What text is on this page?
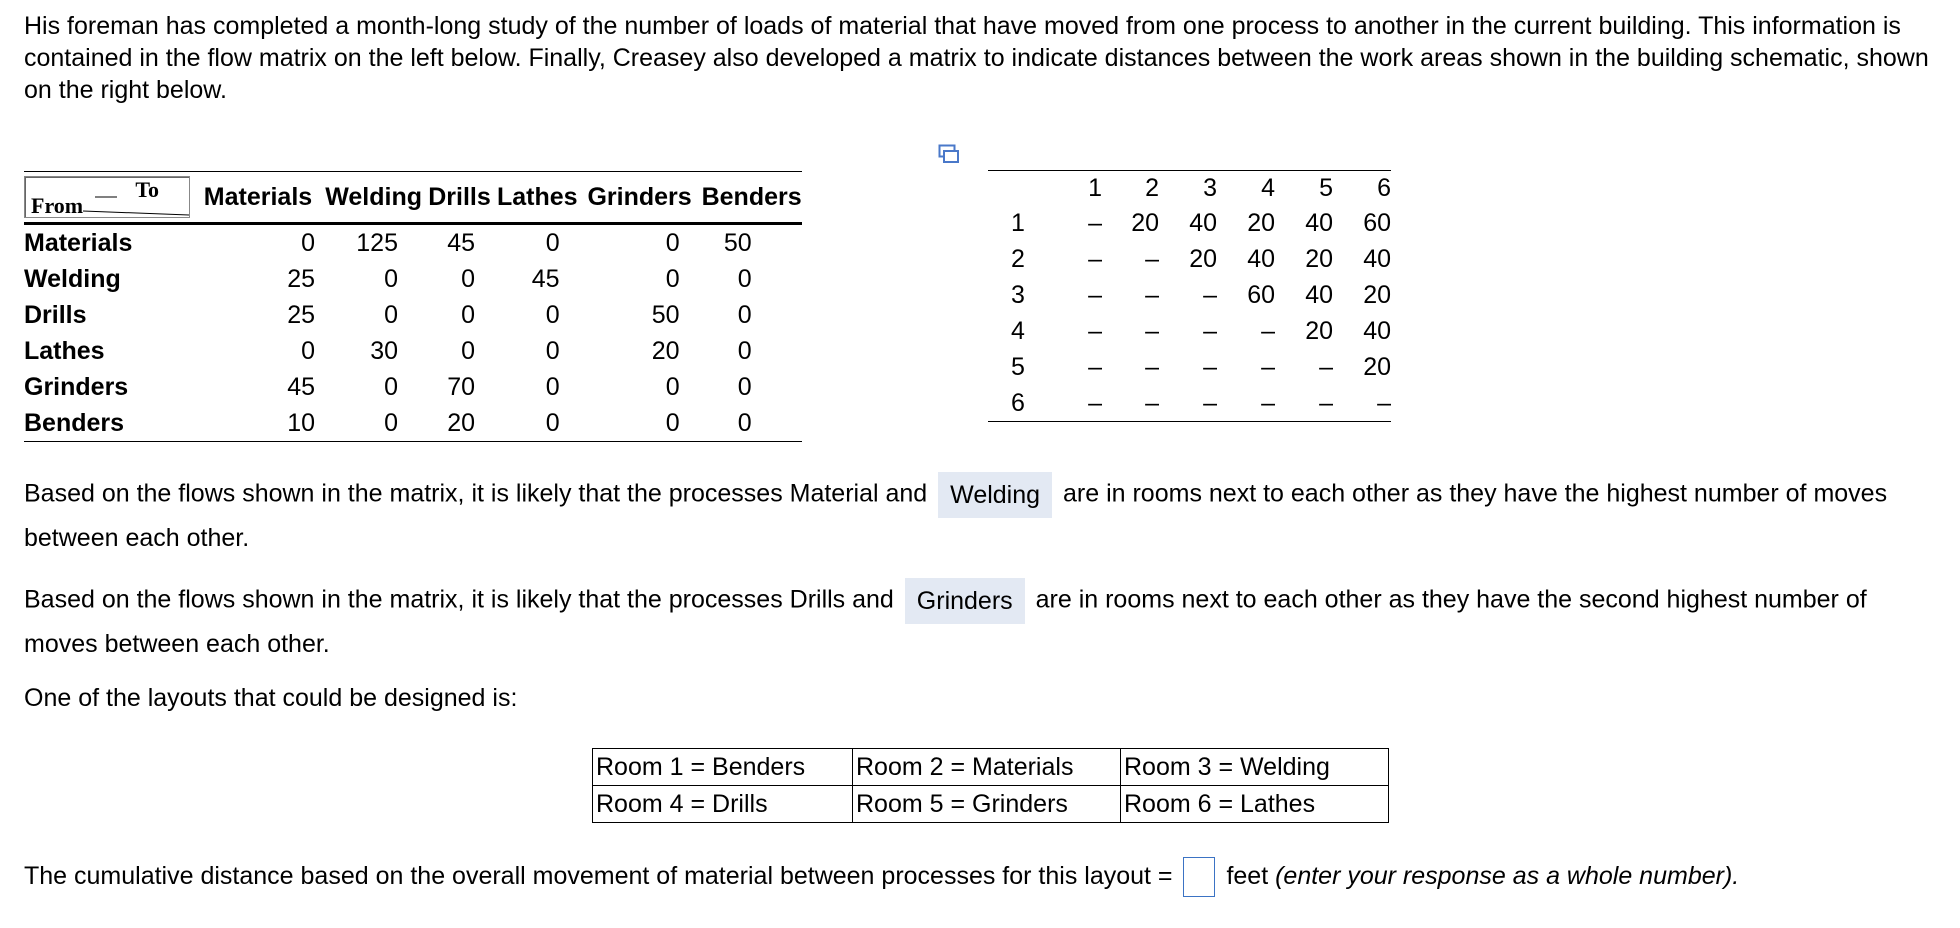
His foreman has completed a month-long study of the number of loads of material that have moved from one process to another in the current building. This information is contained in the flow matrix on the left below. Finally, Creasey also developed a matrix to indicate distances between the work areas shown in the building schematic, shown on the right below.
From
To	Materials	Welding	Drills	Lathes	Grinders	Benders
Materials	0	125	45	0	0	50
Welding	25	0	0	45	0	0
Drills	25	0	0	0	50	0
Lathes	0	30	0	0	20	0
Grinders	45	0	70	0	0	0
Benders	10	0	20	0	0	0
	1	2	3	4	5	6
1	–	20	40	20	40	60
2	–	–	20	40	20	40
3	–	–	–	60	40	20
4	–	–	–	–	20	40
5	–	–	–	–	–	20
6	–	–	–	–	–	–
Based on the flows shown in the matrix, it is likely that the processes Material and Welding are in rooms next to each other as they have the highest number of moves between each other.
Based on the flows shown in the matrix, it is likely that the processes Drills and Grinders are in rooms next to each other as they have the second highest number of moves between each other.
One of the layouts that could be designed is:
Room 1 = Benders	Room 2 = Materials	Room 3 = Welding
Room 4 = Drills	Room 5 = Grinders	Room 6 = Lathes
The cumulative distance based on the overall movement of material between processes for this layout = feet (enter your response as a whole number).
